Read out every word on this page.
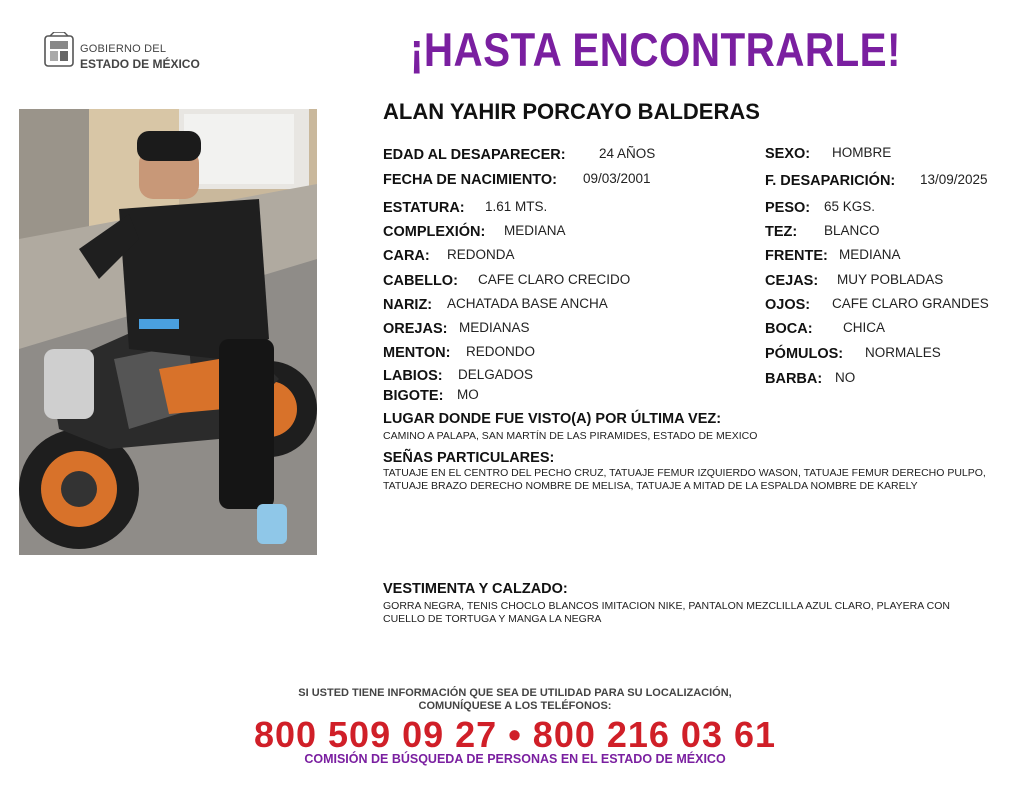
GOBIERNO DEL
ESTADO DE MÉXICO	¡HASTA ENCONTRARLE!
ALAN YAHIR PORCAYO BALDERAS
EDAD AL DESAPARECER: 24 AÑOS
FECHA DE NACIMIENTO: 09/03/2001
ESTATURA: 1.61 MTS.
COMPLEXIÓN: MEDIANA
CARA: REDONDA
CABELLO: CAFE CLARO CRECIDO
NARIZ: ACHATADA BASE ANCHA
OREJAS: MEDIANAS
MENTON: REDONDO
LABIOS: DELGADOS
BIGOTE: MO
SEXO: HOMBRE
F. DESAPARICIÓN: 13/09/2025
PESO: 65 KGS.
TEZ: BLANCO
FRENTE: MEDIANA
CEJAS: MUY POBLADAS
OJOS: CAFE CLARO GRANDES
BOCA: CHICA
PÓMULOS: NORMALES
BARBA: NO
LUGAR DONDE FUE VISTO(A) POR ÚLTIMA VEZ:
CAMINO A PALAPA, SAN MARTÍN DE LAS PIRAMIDES, ESTADO DE MEXICO
SEÑAS PARTICULARES:
TATUAJE EN EL CENTRO DEL PECHO CRUZ, TATUAJE FEMUR IZQUIERDO WASON, TATUAJE FEMUR DERECHO PULPO,
TATUAJE BRAZO DERECHO NOMBRE DE MELISA, TATUAJE A MITAD DE LA ESPALDA NOMBRE DE KARELY
VESTIMENTA Y CALZADO:
GORRA NEGRA, TENIS CHOCLO BLANCOS IMITACION NIKE, PANTALON MEZCLILLA AZUL CLARO, PLAYERA CON
CUELLO DE TORTUGA Y MANGA LA NEGRA
SI USTED TIENE INFORMACIÓN QUE SEA DE UTILIDAD PARA SU LOCALIZACIÓN,
COMUNÍQUESE A LOS TELÉFONOS:
800 509 09 27 • 800 216 03 61
COMISIÓN DE BÚSQUEDA DE PERSONAS EN EL ESTADO DE MÉXICO
